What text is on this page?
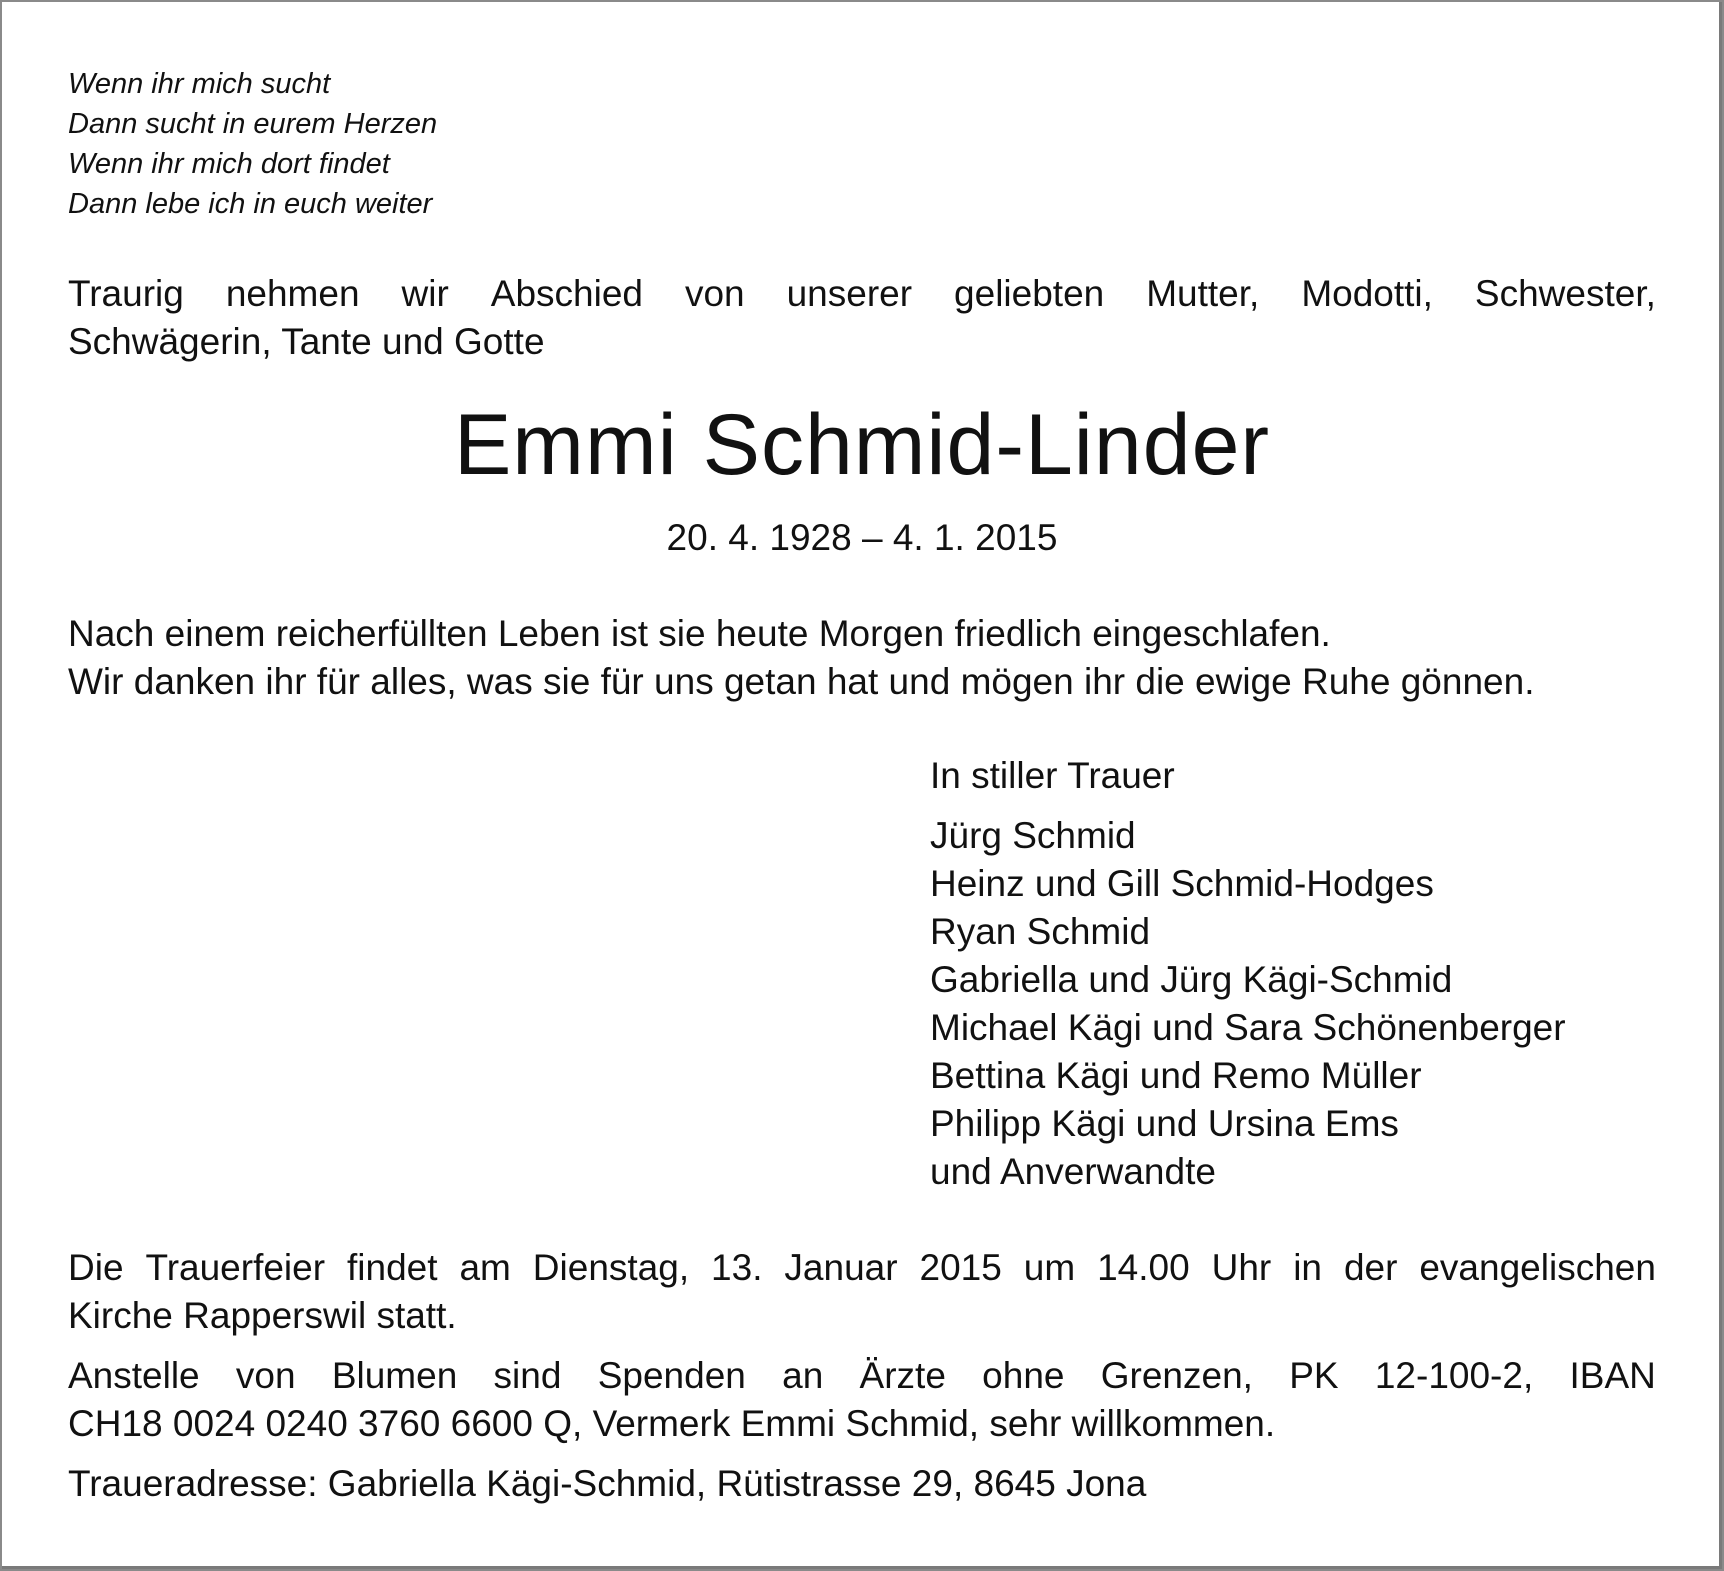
Wenn ihr mich sucht
Dann sucht in eurem Herzen
Wenn ihr mich dort findet
Dann lebe ich in euch weiter
Traurig nehmen wir Abschied von unserer geliebten Mutter, Modotti, Schwester,
Schwägerin, Tante und Gotte
Emmi Schmid-Linder
20. 4. 1928 – 4. 1. 2015
Nach einem reicherfüllten Leben ist sie heute Morgen friedlich eingeschlafen.
Wir danken ihr für alles, was sie für uns getan hat und mögen ihr die ewige Ruhe gönnen.
In stiller Trauer
Jürg Schmid
Heinz und Gill Schmid-Hodges
Ryan Schmid
Gabriella und Jürg Kägi-Schmid
Michael Kägi und Sara Schönenberger
Bettina Kägi und Remo Müller
Philipp Kägi und Ursina Ems
und Anverwandte
Die Trauerfeier findet am Dienstag, 13. Januar 2015 um 14.00 Uhr in der evangelischen
Kirche Rapperswil statt.
Anstelle von Blumen sind Spenden an Ärzte ohne Grenzen, PK 12-100-2, IBAN
CH18 0024 0240 3760 6600 Q, Vermerk Emmi Schmid, sehr willkommen.
Traueradresse: Gabriella Kägi-Schmid, Rütistrasse 29, 8645 Jona
